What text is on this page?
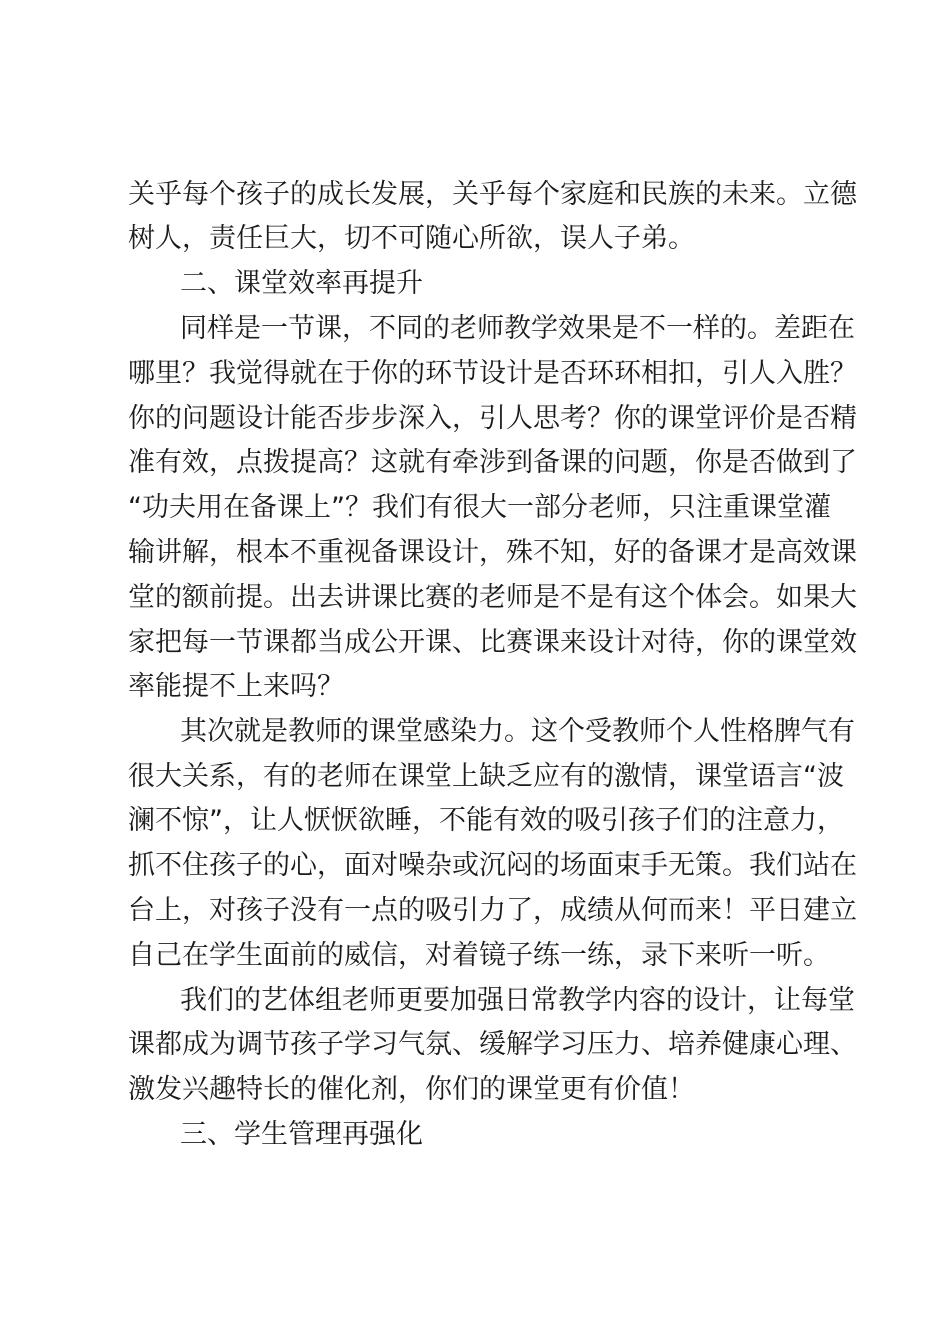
关乎每个孩子的成长发展，关乎每个家庭和民族的未来。立德
树人，责任巨大，切不可随心所欲，误人子弟。
二、课堂效率再提升
同样是一节课，不同的老师教学效果是不一样的。差距在
哪里？我觉得就在于你的环节设计是否环环相扣，引人入胜？
你的问题设计能否步步深入，引人思考？你的课堂评价是否精
准有效，点拨提高？这就有牵涉到备课的问题，你是否做到了
“功夫用在备课上”？我们有很大一部分老师，只注重课堂灌
输讲解，根本不重视备课设计，殊不知，好的备课才是高效课
堂的额前提。出去讲课比赛的老师是不是有这个体会。如果大
家把每一节课都当成公开课、比赛课来设计对待，你的课堂效
率能提不上来吗？
其次就是教师的课堂感染力。这个受教师个人性格脾气有
很大关系，有的老师在课堂上缺乏应有的激情，课堂语言“波
澜不惊”，让人恹恹欲睡，不能有效的吸引孩子们的注意力，
抓不住孩子的心，面对噪杂或沉闷的场面束手无策。我们站在
台上，对孩子没有一点的吸引力了，成绩从何而来！平日建立
自己在学生面前的威信，对着镜子练一练，录下来听一听。
我们的艺体组老师更要加强日常教学内容的设计，让每堂
课都成为调节孩子学习气氛、缓解学习压力、培养健康心理、
激发兴趣特长的催化剂，你们的课堂更有价值！
三、学生管理再强化
